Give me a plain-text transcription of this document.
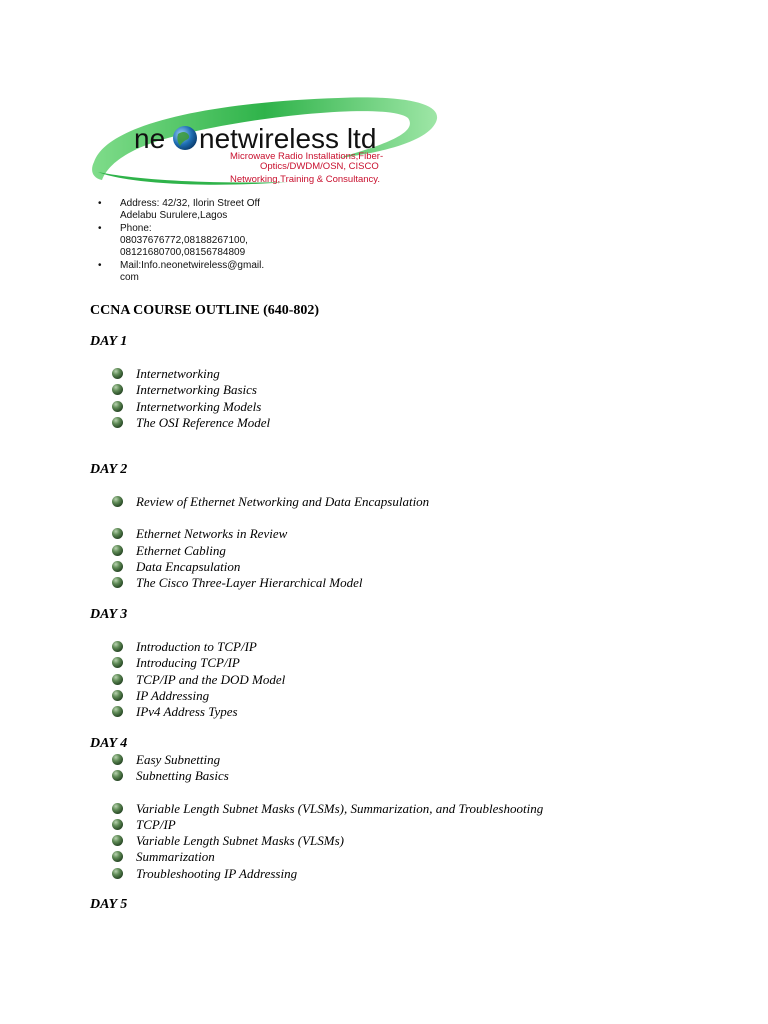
ne netwireless ltd
Microwave Radio Installations,Fiber-
Optics/DWDM/OSN, CISCO
Networking,Training & Consultancy.
• Address: 42/32, Ilorin Street Off
Adelabu Surulere,Lagos
• Phone:
08037676772,08188267100,
08121680700,08156784809
• Mail:Info.neonetwireless@gmail.
com
CCNA COURSE OUTLINE (640-802)
DAY 1
Internetworking
Internetworking Basics
Internetworking Models
The OSI Reference Model
DAY 2
Review of Ethernet Networking and Data Encapsulation
Ethernet Networks in Review
Ethernet Cabling
Data Encapsulation
The Cisco Three-Layer Hierarchical Model
DAY 3
Introduction to TCP/IP
Introducing TCP/IP
TCP/IP and the DOD Model
IP Addressing
IPv4 Address Types
DAY 4
Easy Subnetting
Subnetting Basics
Variable Length Subnet Masks (VLSMs), Summarization, and Troubleshooting
TCP/IP
Variable Length Subnet Masks (VLSMs)
Summarization
Troubleshooting IP Addressing
DAY 5
